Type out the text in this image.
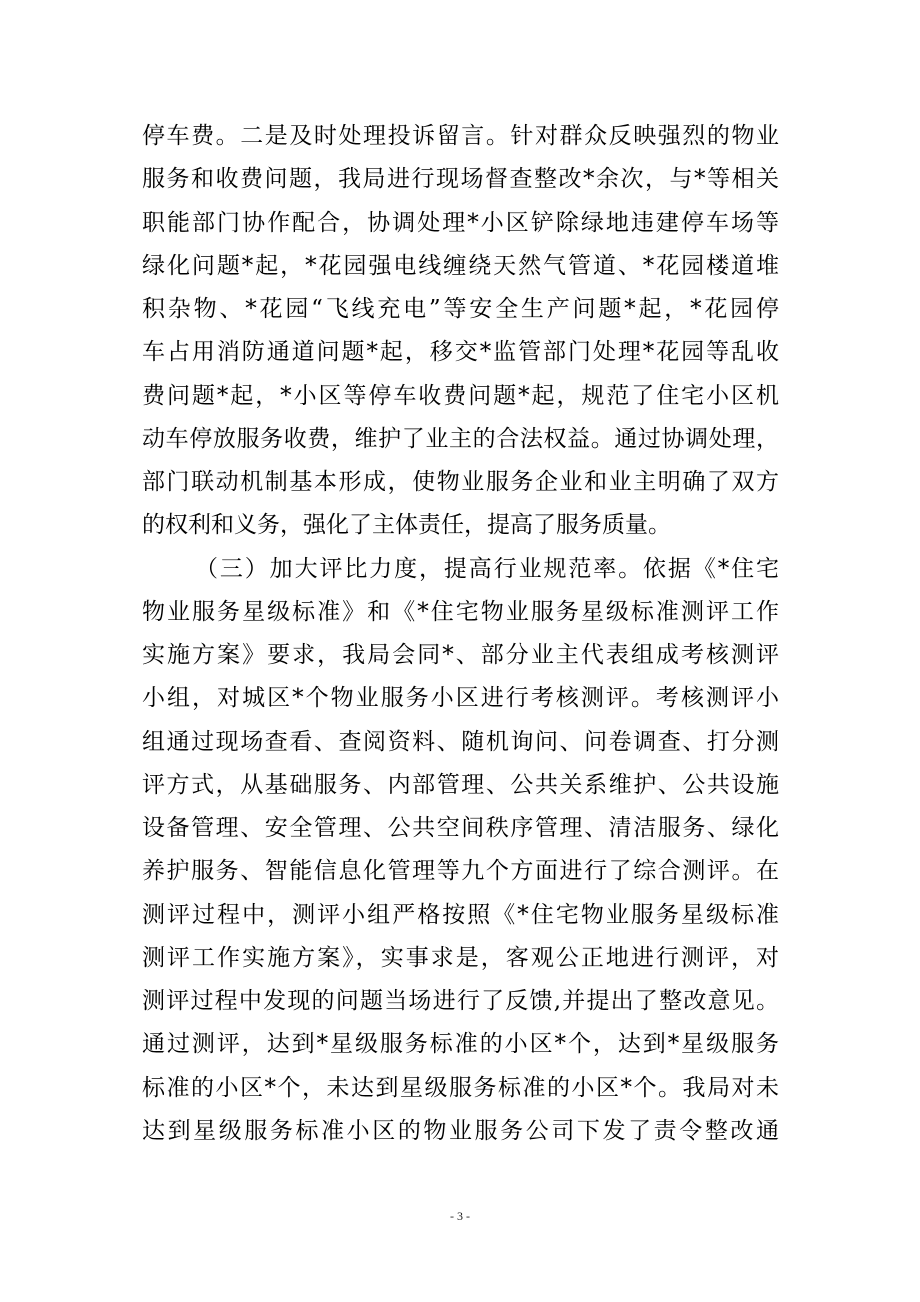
停车费。二是及时处理投诉留言。针对群众反映强烈的物业
服务和收费问题，我局进行现场督查整改*余次，与*等相关
职能部门协作配合，协调处理*小区铲除绿地违建停车场等
绿化问题*起，*花园强电线缠绕天然气管道、*花园楼道堆
积杂物、*花园“飞线充电”等安全生产问题*起，*花园停
车占用消防通道问题*起，移交*监管部门处理*花园等乱收
费问题*起，*小区等停车收费问题*起，规范了住宅小区机
动车停放服务收费，维护了业主的合法权益。通过协调处理，
部门联动机制基本形成，使物业服务企业和业主明确了双方
的权利和义务，强化了主体责任，提高了服务质量。
（三）加大评比力度，提高行业规范率。依据《*住宅
物业服务星级标准》和《*住宅物业服务星级标准测评工作
实施方案》要求，我局会同*、部分业主代表组成考核测评
小组，对城区*个物业服务小区进行考核测评。考核测评小
组通过现场查看、查阅资料、随机询问、问卷调查、打分测
评方式，从基础服务、内部管理、公共关系维护、公共设施
设备管理、安全管理、公共空间秩序管理、清洁服务、绿化
养护服务、智能信息化管理等九个方面进行了综合测评。在
测评过程中，测评小组严格按照《*住宅物业服务星级标准
测评工作实施方案》，实事求是，客观公正地进行测评，对
测评过程中发现的问题当场进行了反馈,并提出了整改意见。
通过测评，达到*星级服务标准的小区*个，达到*星级服务
标准的小区*个，未达到星级服务标准的小区*个。我局对未
达到星级服务标准小区的物业服务公司下发了责令整改通
- 3 -
